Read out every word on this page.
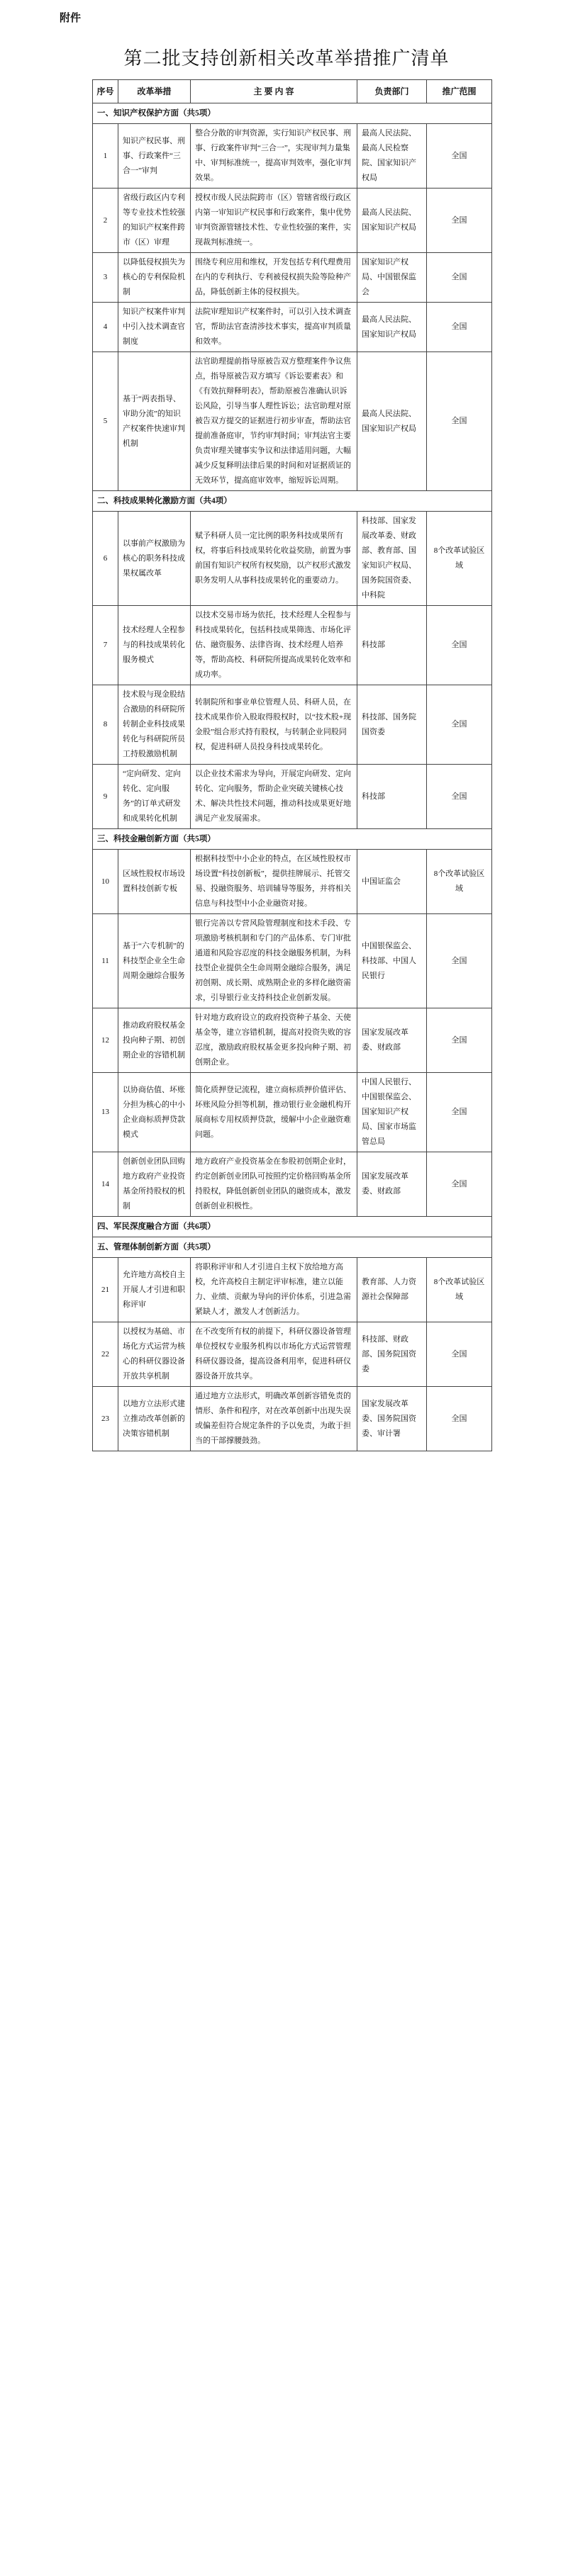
附件
第二批支持创新相关改革举措推广清单
序号	改革举措	主 要 内 容	负责部门	推广范围
一、知识产权保护方面（共5项）				
1	知识产权民事、刑事、行政案件“三合一”审判	整合分散的审判资源，实行知识产权民事、刑事、行政案件审判“三合一”，实现审判力量集中、审判标准统一，提高审判效率，强化审判效果。	最高人民法院、最高人民检察院、国家知识产权局	全国
2	省级行政区内专利等专业技术性较强的知识产权案件跨市（区）审理	授权市级人民法院跨市（区）管辖省级行政区内第一审知识产权民事和行政案件，集中优势审判资源管辖技术性、专业性较强的案件，实现裁判标准统一。	最高人民法院、国家知识产权局	全国
3	以降低侵权损失为核心的专利保险机制	围绕专利应用和维权，开发包括专利代理费用在内的专利执行、专利被侵权损失险等险种产品，降低创新主体的侵权损失。	国家知识产权局、中国银保监会	全国
4	知识产权案件审判中引入技术调查官制度	法院审理知识产权案件时，可以引入技术调查官，帮助法官查清涉技术事实，提高审判质量和效率。	最高人民法院、国家知识产权局	全国
5	基于“两表指导、审助分流”的知识产权案件快速审判机制	法官助理提前指导原被告双方整理案件争议焦点，指导原被告双方填写《诉讼要素表》和《有效抗辩释明表》，帮助原被告准确认识诉讼风险，引导当事人理性诉讼；法官助理对原被告双方提交的证据进行初步审查，帮助法官提前准备庭审，节约审判时间；审判法官主要负责审理关键事实争议和法律适用问题，大幅减少反复释明法律后果的时间和对证据质证的无效环节，提高庭审效率，缩短诉讼周期。	最高人民法院、国家知识产权局	全国
二、科技成果转化激励方面（共4项）				
6	以事前产权激励为核心的职务科技成果权属改革	赋予科研人员一定比例的职务科技成果所有权，将事后科技成果转化收益奖励，前置为事前国有知识产权所有权奖励，以产权形式激发职务发明人从事科技成果转化的重要动力。	科技部、国家发展改革委、财政部、教育部、国家知识产权局、国务院国资委、中科院	8个改革试验区域
7	技术经理人全程参与的科技成果转化服务模式	以技术交易市场为依托，技术经理人全程参与科技成果转化，包括科技成果筛选、市场化评估、融资服务、法律咨询、技术经理人培养等，帮助高校、科研院所提高成果转化效率和成功率。	科技部	全国
8	技术股与现金股结合激励的科研院所转制企业科技成果转化与科研院所员工持股激励机制	转制院所和事业单位管理人员、科研人员，在技术成果作价入股取得股权时，以“技术股+现金股”组合形式持有股权，与转制企业同股同权，促进科研人员投身科技成果转化。	科技部、国务院国资委	全国
9	“定向研发、定向转化、定向服务”的订单式研发和成果转化机制	以企业技术需求为导向，开展定向研发、定向转化、定向服务，帮助企业突破关键核心技术、解决共性技术问题，推动科技成果更好地满足产业发展需求。	科技部	全国
三、科技金融创新方面（共5项）				
10	区域性股权市场设置科技创新专板	根据科技型中小企业的特点，在区域性股权市场设置“科技创新板”，提供挂牌展示、托管交易、投融资服务、培训辅导等服务，并将相关信息与科技型中小企业融资对接。	中国证监会	8个改革试验区域
11	基于“六专机制”的科技型企业全生命周期金融综合服务	银行完善以专营风险管理制度和技术手段、专项激励考核机制和专门的产品体系、专门审批通道和风险容忍度的科技金融服务机制，为科技型企业提供全生命周期金融综合服务，满足初创期、成长期、成熟期企业的多样化融资需求，引导银行业支持科技企业创新发展。	中国银保监会、科技部、中国人民银行	全国
12	推动政府股权基金投向种子期、初创期企业的容错机制	针对地方政府设立的政府投资种子基金、天使基金等，建立容错机制，提高对投资失败的容忍度，激励政府股权基金更多投向种子期、初创期企业。	国家发展改革委、财政部	全国
13	以协商估值、坏账分担为核心的中小企业商标质押贷款模式	简化质押登记流程，建立商标质押价值评估、坏账风险分担等机制，推动银行业金融机构开展商标专用权质押贷款，缓解中小企业融资难问题。	中国人民银行、中国银保监会、国家知识产权局、国家市场监管总局	全国
14	创新创业团队回购地方政府产业投资基金所持股权的机制	地方政府产业投资基金在参股初创期企业时，约定创新创业团队可按照约定价格回购基金所持股权，降低创新创业团队的融资成本，激发创新创业积极性。	国家发展改革委、财政部	全国
四、军民深度融合方面（共6项）				
五、管理体制创新方面（共5项）				
21	允许地方高校自主开展人才引进和职称评审	将职称评审和人才引进自主权下放给地方高校，允许高校自主制定评审标准，建立以能力、业绩、贡献为导向的评价体系，引进急需紧缺人才，激发人才创新活力。	教育部、人力资源社会保障部	8个改革试验区域
22	以授权为基础、市场化方式运营为核心的科研仪器设备开放共享机制	在不改变所有权的前提下，科研仪器设备管理单位授权专业服务机构以市场化方式运营管理科研仪器设备，提高设备利用率，促进科研仪器设备开放共享。	科技部、财政部、国务院国资委	全国
23	以地方立法形式建立推动改革创新的决策容错机制	通过地方立法形式，明确改革创新容错免责的情形、条件和程序，对在改革创新中出现失误或偏差但符合规定条件的予以免责，为敢于担当的干部撑腰鼓劲。	国家发展改革委、国务院国资委、审计署	全国
